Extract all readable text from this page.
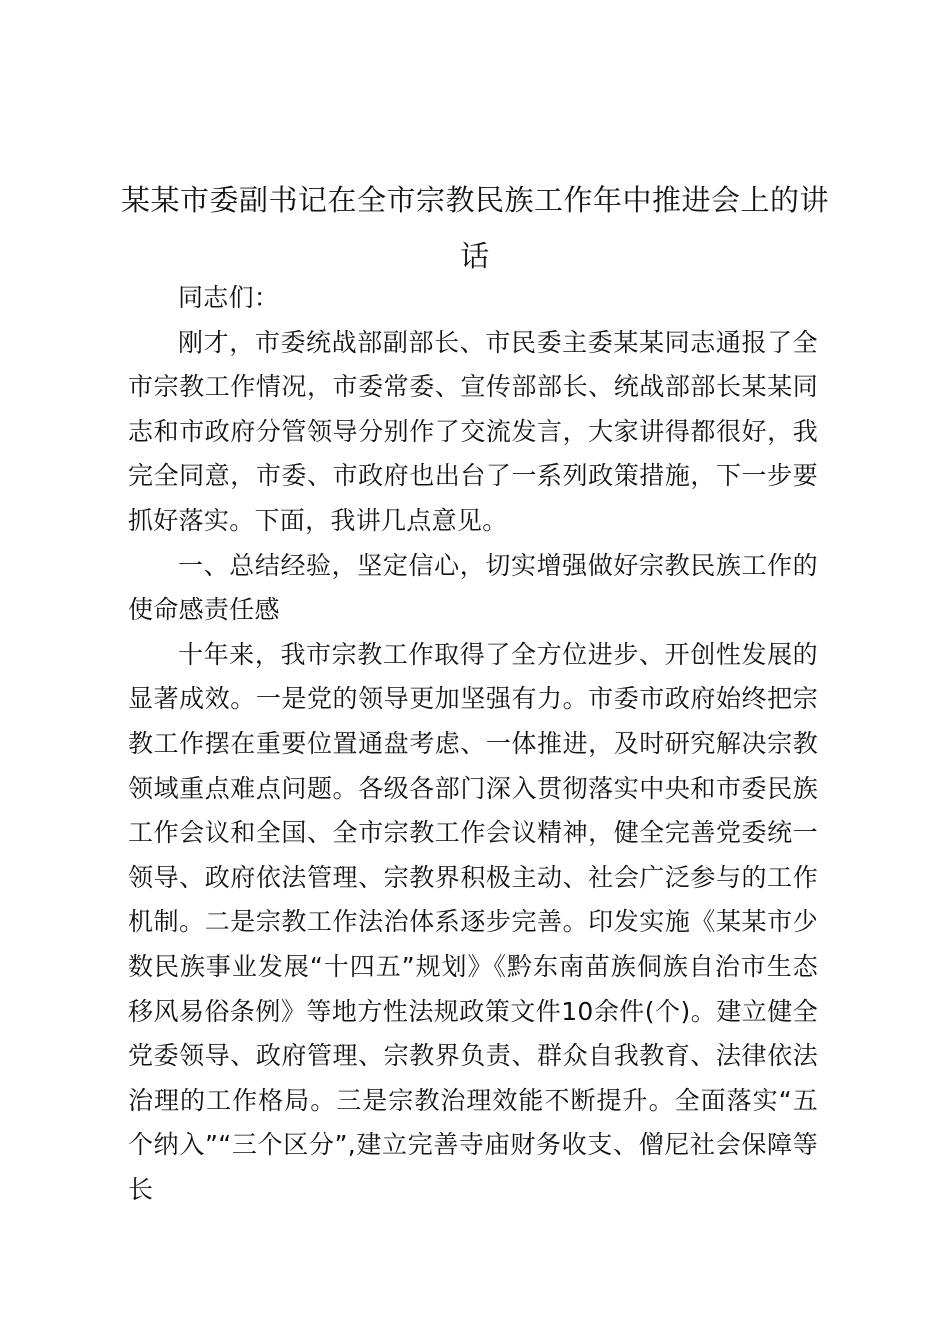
某某市委副书记在全市宗教民族工作年中推进会上的讲话

同志们：

刚才，市委统战部副部长、市民委主委某某同志通报了全市宗教工作情况，市委常委、宣传部部长、统战部部长某某同志和市政府分管领导分别作了交流发言，大家讲得都很好，我完全同意，市委、市政府也出台了一系列政策措施，下一步要抓好落实。下面，我讲几点意见。

一、总结经验，坚定信心，切实增强做好宗教民族工作的使命感责任感

十年来，我市宗教工作取得了全方位进步、开创性发展的显著成效。一是党的领导更加坚强有力。市委市政府始终把宗教工作摆在重要位置通盘考虑、一体推进，及时研究解决宗教领域重点难点问题。各级各部门深入贯彻落实中央和市委民族工作会议和全国、全市宗教工作会议精神，健全完善党委统一领导、政府依法管理、宗教界积极主动、社会广泛参与的工作机制。二是宗教工作法治体系逐步完善。印发实施《某某市少数民族事业发展“十四五”规划》《黔东南苗族侗族自治市生态移风易俗条例》等地方性法规政策文件10余件(个)。建立健全党委领导、政府管理、宗教界负责、群众自我教育、法律依法治理的工作格局。三是宗教治理效能不断提升。全面落实“五个纳入”“三个区分”,建立完善寺庙财务收支、僧尼社会保障等长
